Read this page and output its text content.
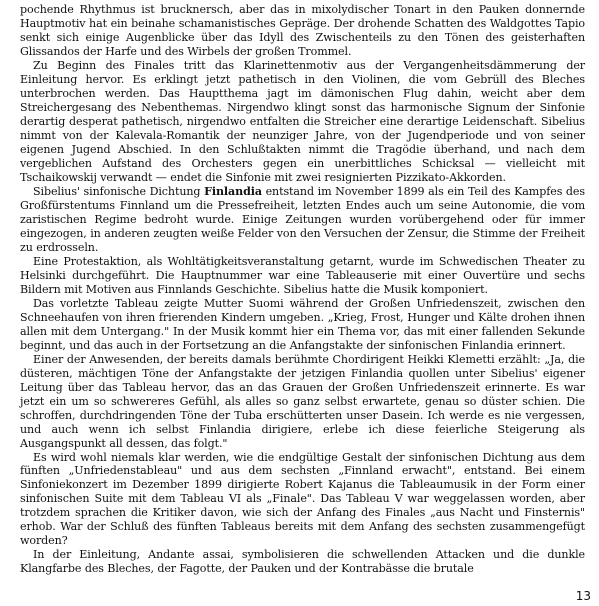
pochende Rhythmus ist brucknersch, aber das in mixolydischer Tonart in den Pauken donnernde Hauptmotiv hat ein beinahe schamanistisches Gepräge. Der drohende Schatten des Waldgottes Tapio senkt sich einige Augenblicke über das Idyll des Zwischenteils zu den Tönen des geisterhaften Glissandos der Harfe und des Wirbels der großen Trommel.

Zu Beginn des Finales tritt das Klarinettenmotiv aus der Vergangenheitsdämmerung der Einleitung hervor. Es erklingt jetzt pathetisch in den Violinen, die vom Gebrüll des Bleches unterbrochen werden. Das Hauptthema jagt im dämonischen Flug dahin, weicht aber dem Streichergesang des Nebenthemas. Nirgendwo klingt sonst das harmonische Signum der Sinfonie derartig desperat pathetisch, nirgendwo entfalten die Streicher eine derartige Leidenschaft. Sibelius nimmt von der Kalevala-Romantik der neunziger Jahre, von der Jugendperiode und von seiner eigenen Jugend Abschied. In den Schlußtakten nimmt die Tragödie überhand, und nach dem vergeblichen Aufstand des Orchesters gegen ein unerbittliches Schicksal — vielleicht mit Tschaikowskij verwandt — endet die Sinfonie mit zwei resignierten Pizzikato-Akkorden.

Sibelius' sinfonische Dichtung Finlandia entstand im November 1899 als ein Teil des Kampfes des Großfürstentums Finnland um die Pressefreiheit, letzten Endes auch um seine Autonomie, die vom zaristischen Regime bedroht wurde. Einige Zeitungen wurden vorübergehend oder für immer eingezogen, in anderen zeugten weiße Felder von den Versuchen der Zensur, die Stimme der Freiheit zu erdrosseln.

Eine Protestaktion, als Wohltätigkeitsveranstaltung getarnt, wurde im Schwedischen Theater zu Helsinki durchgeführt. Die Hauptnummer war eine Tableauserie mit einer Ouvertüre und sechs Bildern mit Motiven aus Finnlands Geschichte. Sibelius hatte die Musik komponiert.

Das vorletzte Tableau zeigte Mutter Suomi während der Großen Unfriedenszeit, zwischen den Schneehaufen von ihren frierenden Kindern umgeben. „Krieg, Frost, Hunger und Kälte drohen ihnen allen mit dem Untergang." In der Musik kommt hier ein Thema vor, das mit einer fallenden Sekunde beginnt, und das auch in der Fortsetzung an die Anfangstakte der sinfonischen Finlandia erinnert.

Einer der Anwesenden, der bereits damals berühmte Chordirigent Heikki Klemetti erzählt: „Ja, die düsteren, mächtigen Töne der Anfangstakte der jetzigen Finlandia quollen unter Sibelius' eigener Leitung über das Tableau hervor, das an das Grauen der Großen Unfriedenszeit erinnerte. Es war jetzt ein um so schwereres Gefühl, als alles so ganz selbst erwartete, genau so düster schien. Die schroffen, durchdringenden Töne der Tuba erschütterten unser Dasein. Ich werde es nie vergessen, und auch wenn ich selbst Finlandia dirigiere, erlebe ich diese feierliche Steigerung als Ausgangspunkt all dessen, das folgt."

Es wird wohl niemals klar werden, wie die endgültige Gestalt der sinfonischen Dichtung aus dem fünften „Unfriedenstableau" und aus dem sechsten „Finnland erwacht", entstand. Bei einem Sinfoniekonzert im Dezember 1899 dirigierte Robert Kajanus die Tableaumusik in der Form einer sinfonischen Suite mit dem Tableau VI als „Finale". Das Tableau V war weggelassen worden, aber trotzdem sprachen die Kritiker davon, wie sich der Anfang des Finales „aus Nacht und Finsternis" erhob. War der Schluß des fünften Tableaus bereits mit dem Anfang des sechsten zusammengefügt worden?

In der Einleitung, Andante assai, symbolisieren die schwellenden Attacken und die dunkle Klangfarbe des Bleches, der Fagotte, der Pauken und der Kontrabässe die brutale

13
